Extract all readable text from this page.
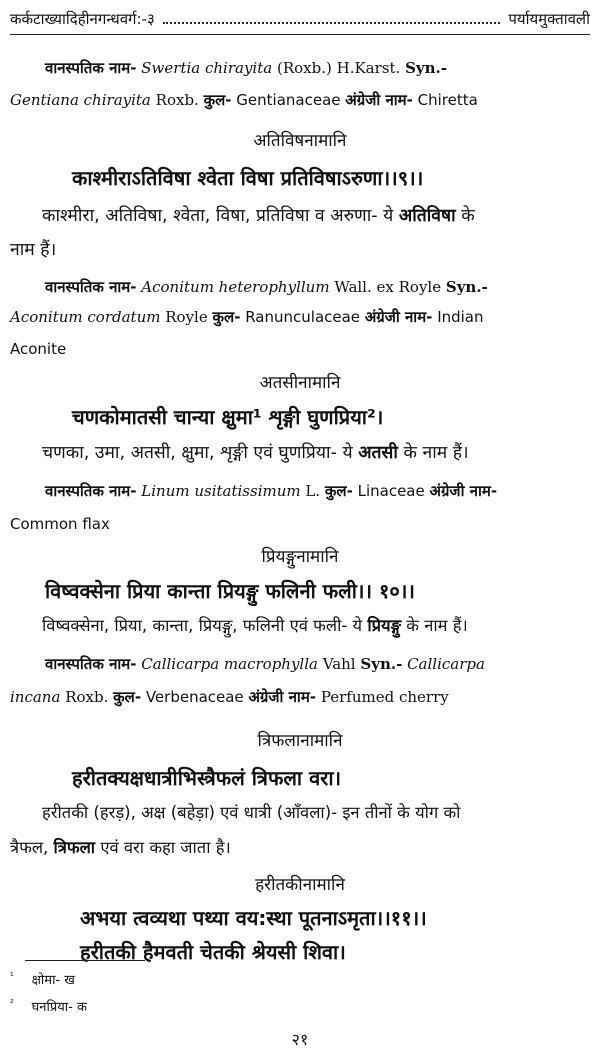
कर्कटाख्यादिहीनगन्धवर्ग:-३	पर्यायमुक्तावली
वानस्पतिक नाम- Swertia chirayita (Roxb.) H.Karst. Syn.-
Gentiana chirayita Roxb. कुल- Gentianaceae अंग्रेजी नाम- Chiretta
अतिविषनामानि
काश्मीराऽतिविषा श्वेता विषा प्रतिविषाऽरुणा।।९।।
काश्मीरा, अतिविषा, श्वेता, विषा, प्रतिविषा व अरुणा- ये अतिविषा के
नाम हैं।
वानस्पतिक नाम- Aconitum heterophyllum Wall. ex Royle Syn.-
Aconitum cordatum Royle कुल- Ranunculaceae अंग्रेजी नाम- Indian
Aconite
अतसीनामानि
चणकोमातसी चान्या क्षुमा¹ शृङ्गी घुणप्रिया²।
चणका, उमा, अतसी, क्षुमा, शृङ्गी एवं घुणप्रिया- ये अतसी के नाम हैं।
वानस्पतिक नाम- Linum usitatissimum L. कुल- Linaceae अंग्रेजी नाम-
Common flax
प्रियङ्गुनामानि
विष्वक्सेना प्रिया कान्ता प्रियङ्गु फलिनी फली।। १०।।
विष्वक्सेना, प्रिया, कान्ता, प्रियङ्गु, फलिनी एवं फली- ये प्रियङ्गु के नाम हैं।
वानस्पतिक नाम- Callicarpa macrophylla Vahl Syn.- Callicarpa
incana Roxb. कुल- Verbenaceae अंग्रेजी नाम- Perfumed cherry
त्रिफलानामानि
हरीतक्यक्षधात्रीभिस्त्रैफलं त्रिफला वरा।
हरीतकी (हरड़), अक्ष (बहेड़ा) एवं धात्री (आँवला)- इन तीनों के योग को
त्रैफल, त्रिफला एवं वरा कहा जाता है।
हरीतकीनामानि
अभया त्वव्यथा पथ्या वय:स्था पूतनाऽमृता।।११।।
हरीतकी हैमवती चेतकी श्रेयसी शिवा।
$^{^1}$ क्षोमा- ख
$^{^2}$ घनप्रिया- क
२१
